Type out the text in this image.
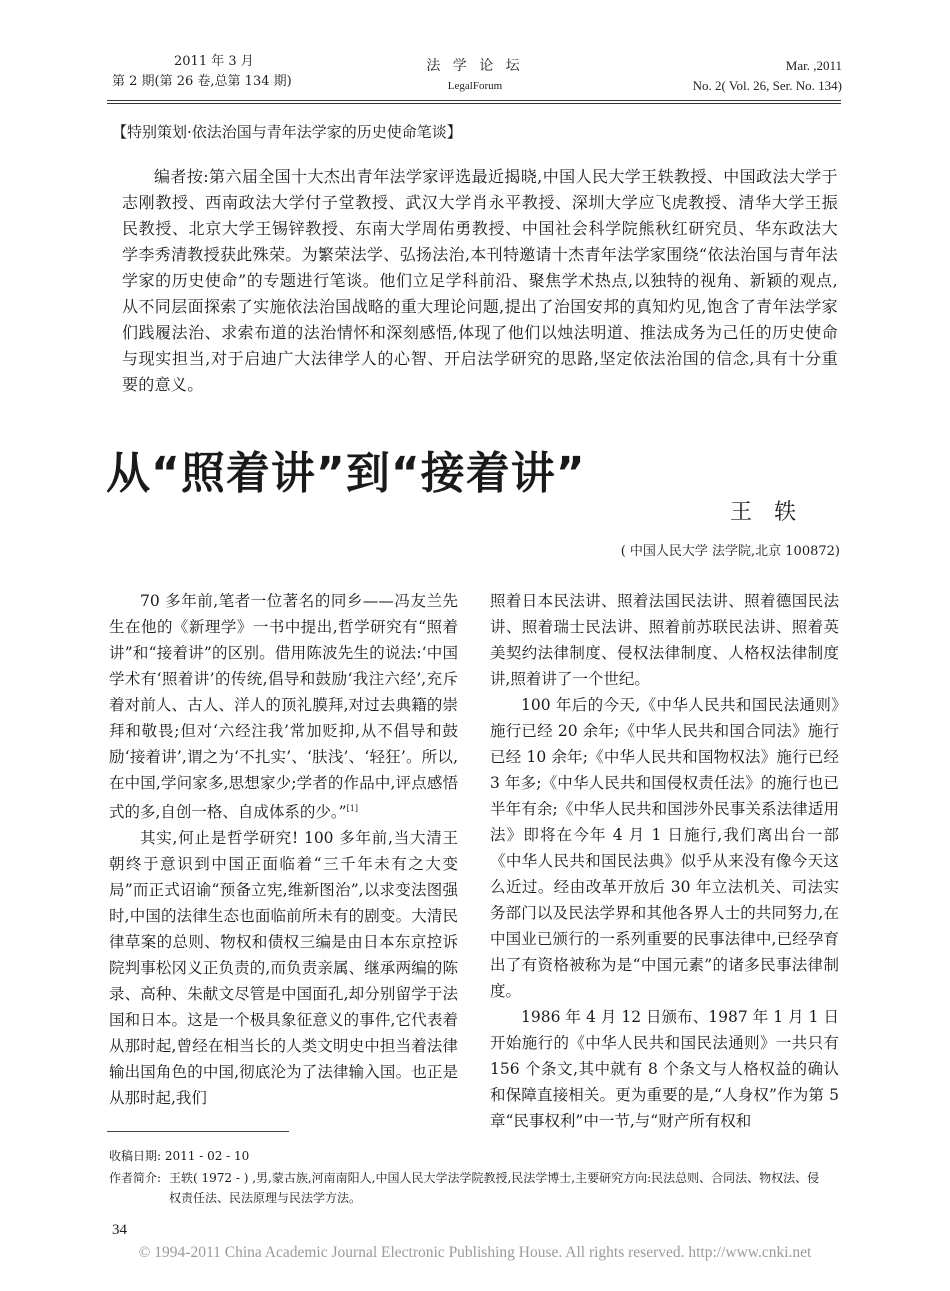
2011 年 3 月
第 2 期(第 26 卷,总第 134 期)
法 学 论 坛
LegalForum
Mar. ,2011
No. 2( Vol. 26, Ser. No. 134)
【特别策划·依法治国与青年法学家的历史使命笔谈】
编者按:第六届全国十大杰出青年法学家评选最近揭晓,中国人民大学王轶教授、中国政法大学于志刚教授、西南政法大学付子堂教授、武汉大学肖永平教授、深圳大学应飞虎教授、清华大学王振民教授、北京大学王锡锌教授、东南大学周佑勇教授、中国社会科学院熊秋红研究员、华东政法大学李秀清教授获此殊荣。为繁荣法学、弘扬法治,本刊特邀请十杰青年法学家围绕“依法治国与青年法学家的历史使命”的专题进行笔谈。他们立足学科前沿、聚焦学术热点,以独特的视角、新颖的观点,从不同层面探索了实施依法治国战略的重大理论问题,提出了治国安邦的真知灼见,饱含了青年法学家们践履法治、求索布道的法治情怀和深刻感悟,体现了他们以烛法明道、推法成务为己任的历史使命与现实担当,对于启迪广大法律学人的心智、开启法学研究的思路,坚定依法治国的信念,具有十分重要的意义。
从“照着讲”到“接着讲”
王轶
( 中国人民大学 法学院,北京 100872)

70 多年前,笔者一位著名的同乡——冯友兰先生在他的《新理学》一书中提出,哲学研究有“照着讲”和“接着讲”的区别。借用陈波先生的说法:‘中国学术有‘照着讲’的传统,倡导和鼓励‘我注六经’,充斥着对前人、古人、洋人的顶礼膜拜,对过去典籍的崇拜和敬畏;但对‘六经注我’常加贬抑,从不倡导和鼓励‘接着讲’,谓之为‘不扎实’、‘肤浅’、‘轻狂’。所以,在中国,学问家多,思想家少;学者的作品中,评点感悟式的多,自创一格、自成体系的少。”[1]

其实,何止是哲学研究! 100 多年前,当大清王朝终于意识到中国正面临着“三千年未有之大变局”而正式诏谕“预备立宪,维新图治”,以求变法图强时,中国的法律生态也面临前所未有的剧变。大清民律草案的总则、物权和债权三编是由日本东京控诉院判事松冈义正负责的,而负责亲属、继承两编的陈录、高种、朱献文尽管是中国面孔,却分别留学于法国和日本。这是一个极具象征意义的事件,它代表着从那时起,曾经在相当长的人类文明史中担当着法律输出国角色的中国,彻底沦为了法律输入国。也正是从那时起,我们

照着日本民法讲、照着法国民法讲、照着德国民法讲、照着瑞士民法讲、照着前苏联民法讲、照着英美契约法律制度、侵权法律制度、人格权法律制度讲,照着讲了一个世纪。

100 年后的今天,《中华人民共和国民法通则》施行已经 20 余年;《中华人民共和国合同法》施行已经 10 余年;《中华人民共和国物权法》施行已经 3 年多;《中华人民共和国侵权责任法》的施行也已半年有余;《中华人民共和国涉外民事关系法律适用法》即将在今年 4 月 1 日施行,我们离出台一部《中华人民共和国民法典》似乎从来没有像今天这么近过。经由改革开放后 30 年立法机关、司法实务部门以及民法学界和其他各界人士的共同努力,在中国业已颁行的一系列重要的民事法律中,已经孕育出了有资格被称为是“中国元素”的诸多民事法律制度。

1986 年 4 月 12 日颁布、1987 年 1 月 1 日开始施行的《中华人民共和国民法通则》一共只有 156 个条文,其中就有 8 个条文与人格权益的确认和保障直接相关。更为重要的是,“人身权”作为第 5 章“民事权利”中一节,与“财产所有权和

收稿日期: 2011 - 02 - 10
作者简介: 王轶( 1972 - ) ,男,蒙古族,河南南阳人,中国人民大学法学院教授,民法学博士,主要研究方向:民法总则、合同法、物权法、侵
权责任法、民法原理与民法学方法。
34
© 1994-2011 China Academic Journal Electronic Publishing House. All rights reserved. http://www.cnki.net
